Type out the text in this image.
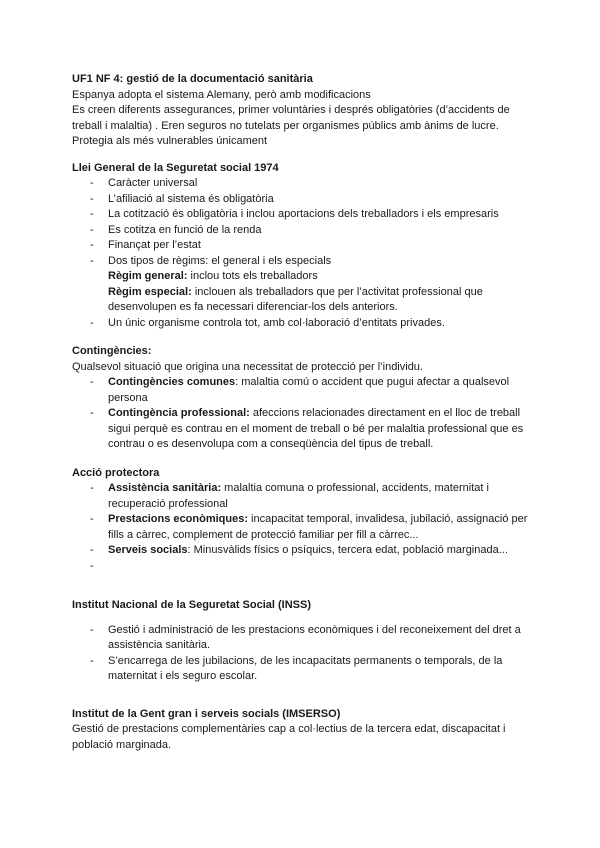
UF1 NF 4: gestió de la documentació sanitària

Espanya adopta el sistema Alemany, però amb modificacions

Es creen diferents assegurances, primer voluntàries i després obligatòries (d’accidents de treball i malaltia) . Eren seguros no tutelats per organismes públics amb ànims de lucre.

Protegia als més vulnerables únicament

Llei General de la Seguretat social 1974

- Caràcter universal
- L’afiliació al sistema és obligatòria
- La cotització és obligatòria i inclou aportacions dels treballadors i els empresaris
- Es cotitza en funció de la renda
- Finançat per l’estat
- Dos tipos de règims: el general i els especials
Règim general: inclou tots els treballadors
Règim especial: inclouen als treballadors que per l’activitat professional que desenvolupen es fa necessari diferenciar-los dels anteriors.
- Un únic organisme controla tot, amb col·laboració d’entitats privades.

Contingències:

Qualsevol situació que origina una necessitat de protecció per l’individu.

- Contingències comunes: malaltia comú o accident que pugui afectar a qualsevol persona
- Contingència professional: afeccions relacionades directament en el lloc de treball sigui perquè es contrau en el moment de treball o bé per malaltia professional que es contrau o es desenvolupa com a conseqüència del tipus de treball.

Acció protectora

- Assistència sanitària: malaltia comuna o professional, accidents, maternitat i recuperació professional
- Prestacions econòmiques: incapacitat temporal, invalidesa, jubilació, assignació per fills a càrrec, complement de protecció familiar per fill a càrrec...
- Serveis socials: Minusvàlids físics o psíquics, tercera edat, població marginada...
-

Institut Nacional de la Seguretat Social (INSS)

- Gestió i administració de les prestacions econòmiques i del reconeixement del dret a assistència sanitària.
- S’encarrega de les jubilacions, de les incapacitats permanents o temporals, de la maternitat i els seguro escolar.

Institut de la Gent gran i serveis socials (IMSERSO)

Gestió de prestacions complementàries cap a col·lectius de la tercera edat, discapacitat i població marginada.
